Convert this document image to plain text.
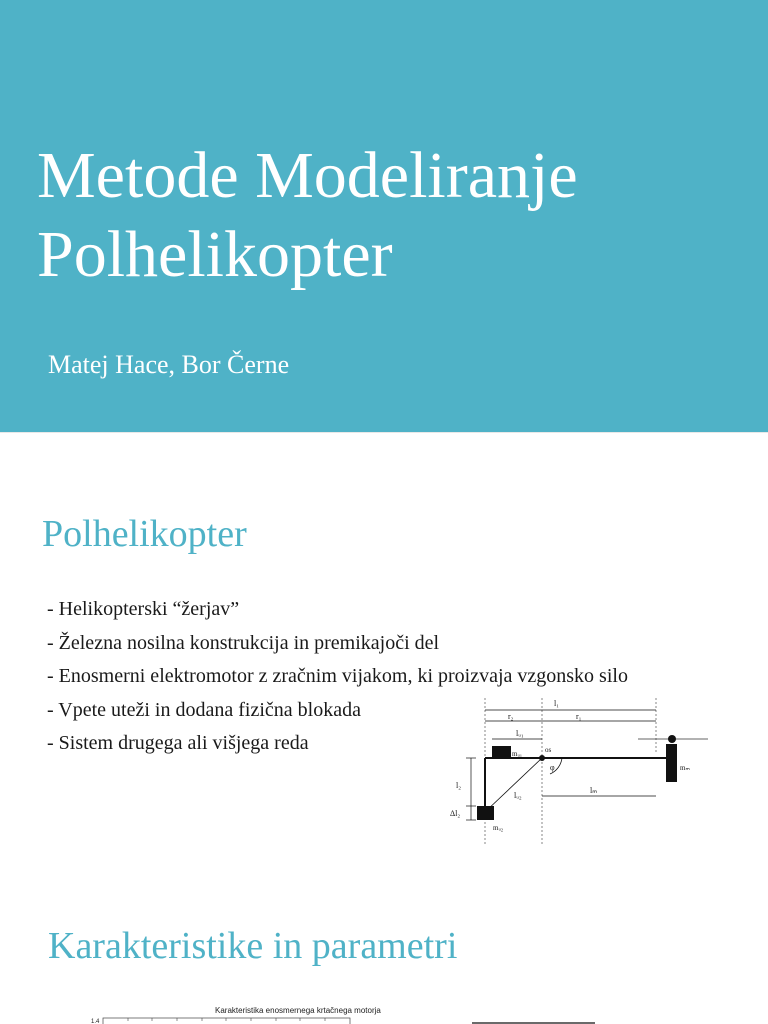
Metode Modeliranje
Polhelikopter
Matej Hace, Bor Černe
Polhelikopter
- Helikopterski “žerjav”
- Železna nosilna konstrukcija in premikajoči del
- Enosmerni elektromotor z zračnim vijakom, ki proizvaja vzgonsko silo
- Vpete uteži in dodana fizična blokada
- Sistem drugega ali višjega reda
l₁
r₂	r₁
lᵤ₁
os
mᵤ₁
φ	mₘ
l₂
lᵤ₂
lₘ
Δl₂
mᵤ₂
Karakteristike in parametri
Karakteristika enosmernega krtačnega motorja
1.4
